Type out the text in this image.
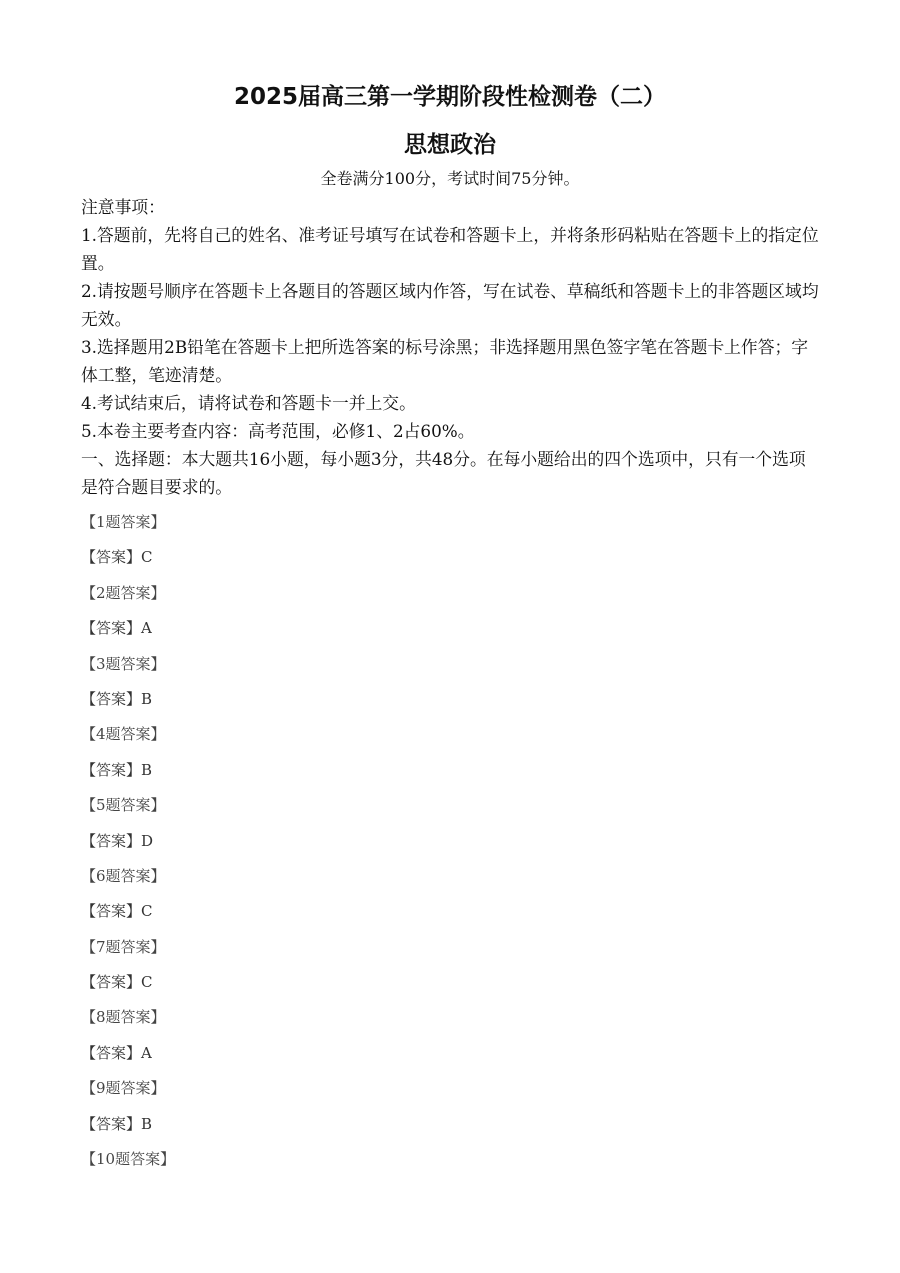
2025届高三第一学期阶段性检测卷（二）
思想政治
全卷满分100分，考试时间75分钟。

注意事项：

1.答题前，先将自己的姓名、准考证号填写在试卷和答题卡上，并将条形码粘贴在答题卡上的指定位置。

2.请按题号顺序在答题卡上各题目的答题区域内作答，写在试卷、草稿纸和答题卡上的非答题区域均无效。

3.选择题用2B铅笔在答题卡上把所选答案的标号涂黑；非选择题用黑色签字笔在答题卡上作答；字体工整，笔迹清楚。

4.考试结束后，请将试卷和答题卡一并上交。

5.本卷主要考查内容：高考范围，必修1、2占60%。

一、选择题：本大题共16小题，每小题3分，共48分。在每小题给出的四个选项中，只有一个选项是符合题目要求的。

【1题答案】
【答案】C
【2题答案】
【答案】A
【3题答案】
【答案】B
【4题答案】
【答案】B
【5题答案】
【答案】D
【6题答案】
【答案】C
【7题答案】
【答案】C
【8题答案】
【答案】A
【9题答案】
【答案】B
【10题答案】
